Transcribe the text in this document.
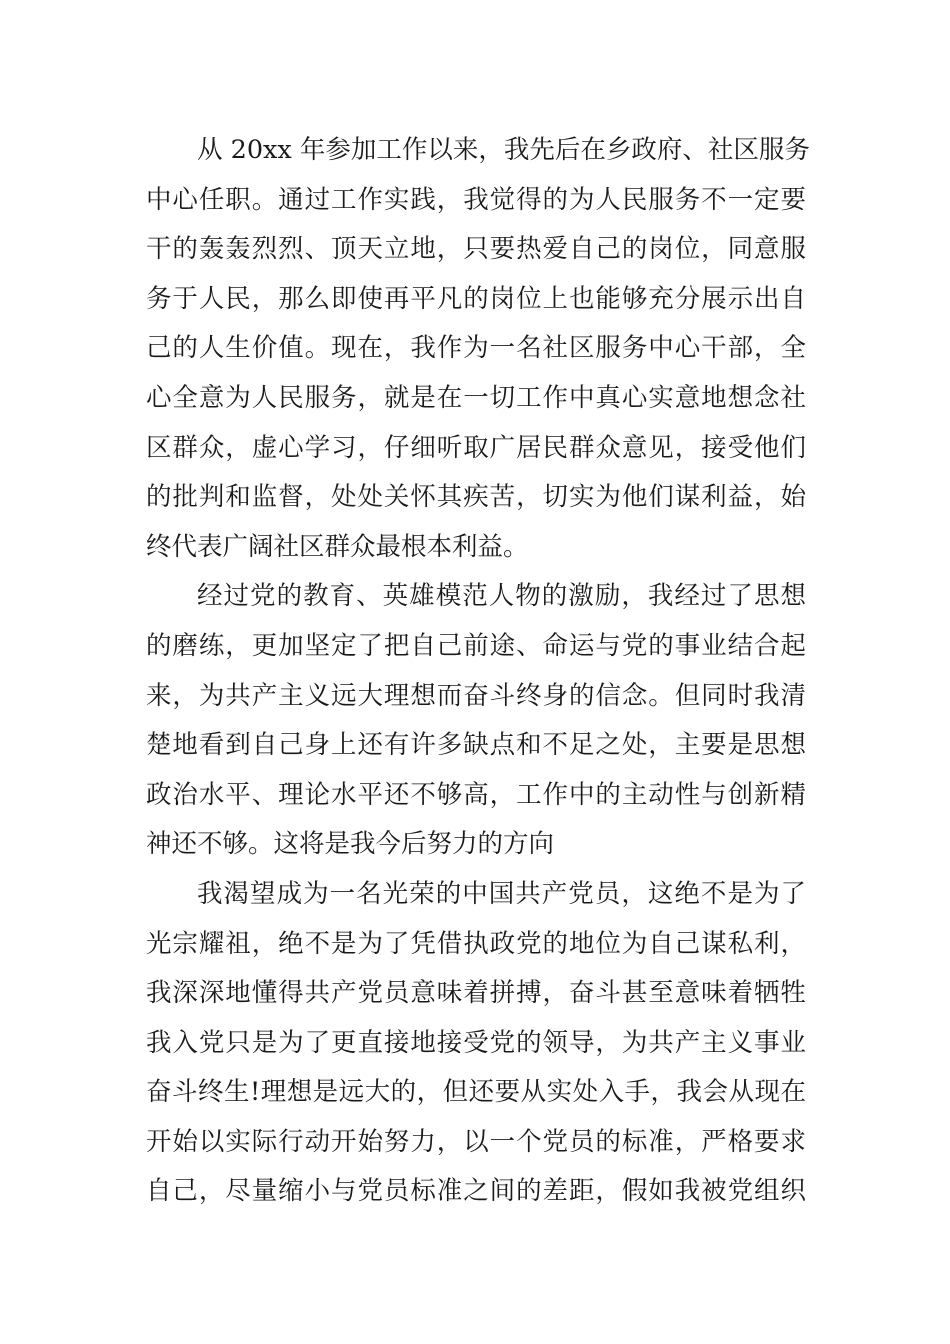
从 20xx 年参加工作以来，我先后在乡政府、社区服务
中心任职。通过工作实践，我觉得的为人民服务不一定要
干的轰轰烈烈、顶天立地，只要热爱自己的岗位，同意服
务于人民，那么即使再平凡的岗位上也能够充分展示出自
己的人生价值。现在，我作为一名社区服务中心干部，全
心全意为人民服务，就是在一切工作中真心实意地想念社
区群众，虚心学习，仔细听取广居民群众意见，接受他们
的批判和监督，处处关怀其疾苦，切实为他们谋利益，始
终代表广阔社区群众最根本利益。
经过党的教育、英雄模范人物的激励，我经过了思想
的磨练，更加坚定了把自己前途、命运与党的事业结合起
来，为共产主义远大理想而奋斗终身的信念。但同时我清
楚地看到自己身上还有许多缺点和不足之处，主要是思想
政治水平、理论水平还不够高，工作中的主动性与创新精
神还不够。这将是我今后努力的方向
我渴望成为一名光荣的中国共产党员，这绝不是为了
光宗耀祖，绝不是为了凭借执政党的地位为自己谋私利，
我深深地懂得共产党员意味着拼搏，奋斗甚至意味着牺牲
我入党只是为了更直接地接受党的领导，为共产主义事业
奋斗终生!理想是远大的，但还要从实处入手，我会从现在
开始以实际行动开始努力，以一个党员的标准，严格要求
自己，尽量缩小与党员标准之间的差距，假如我被党组织
